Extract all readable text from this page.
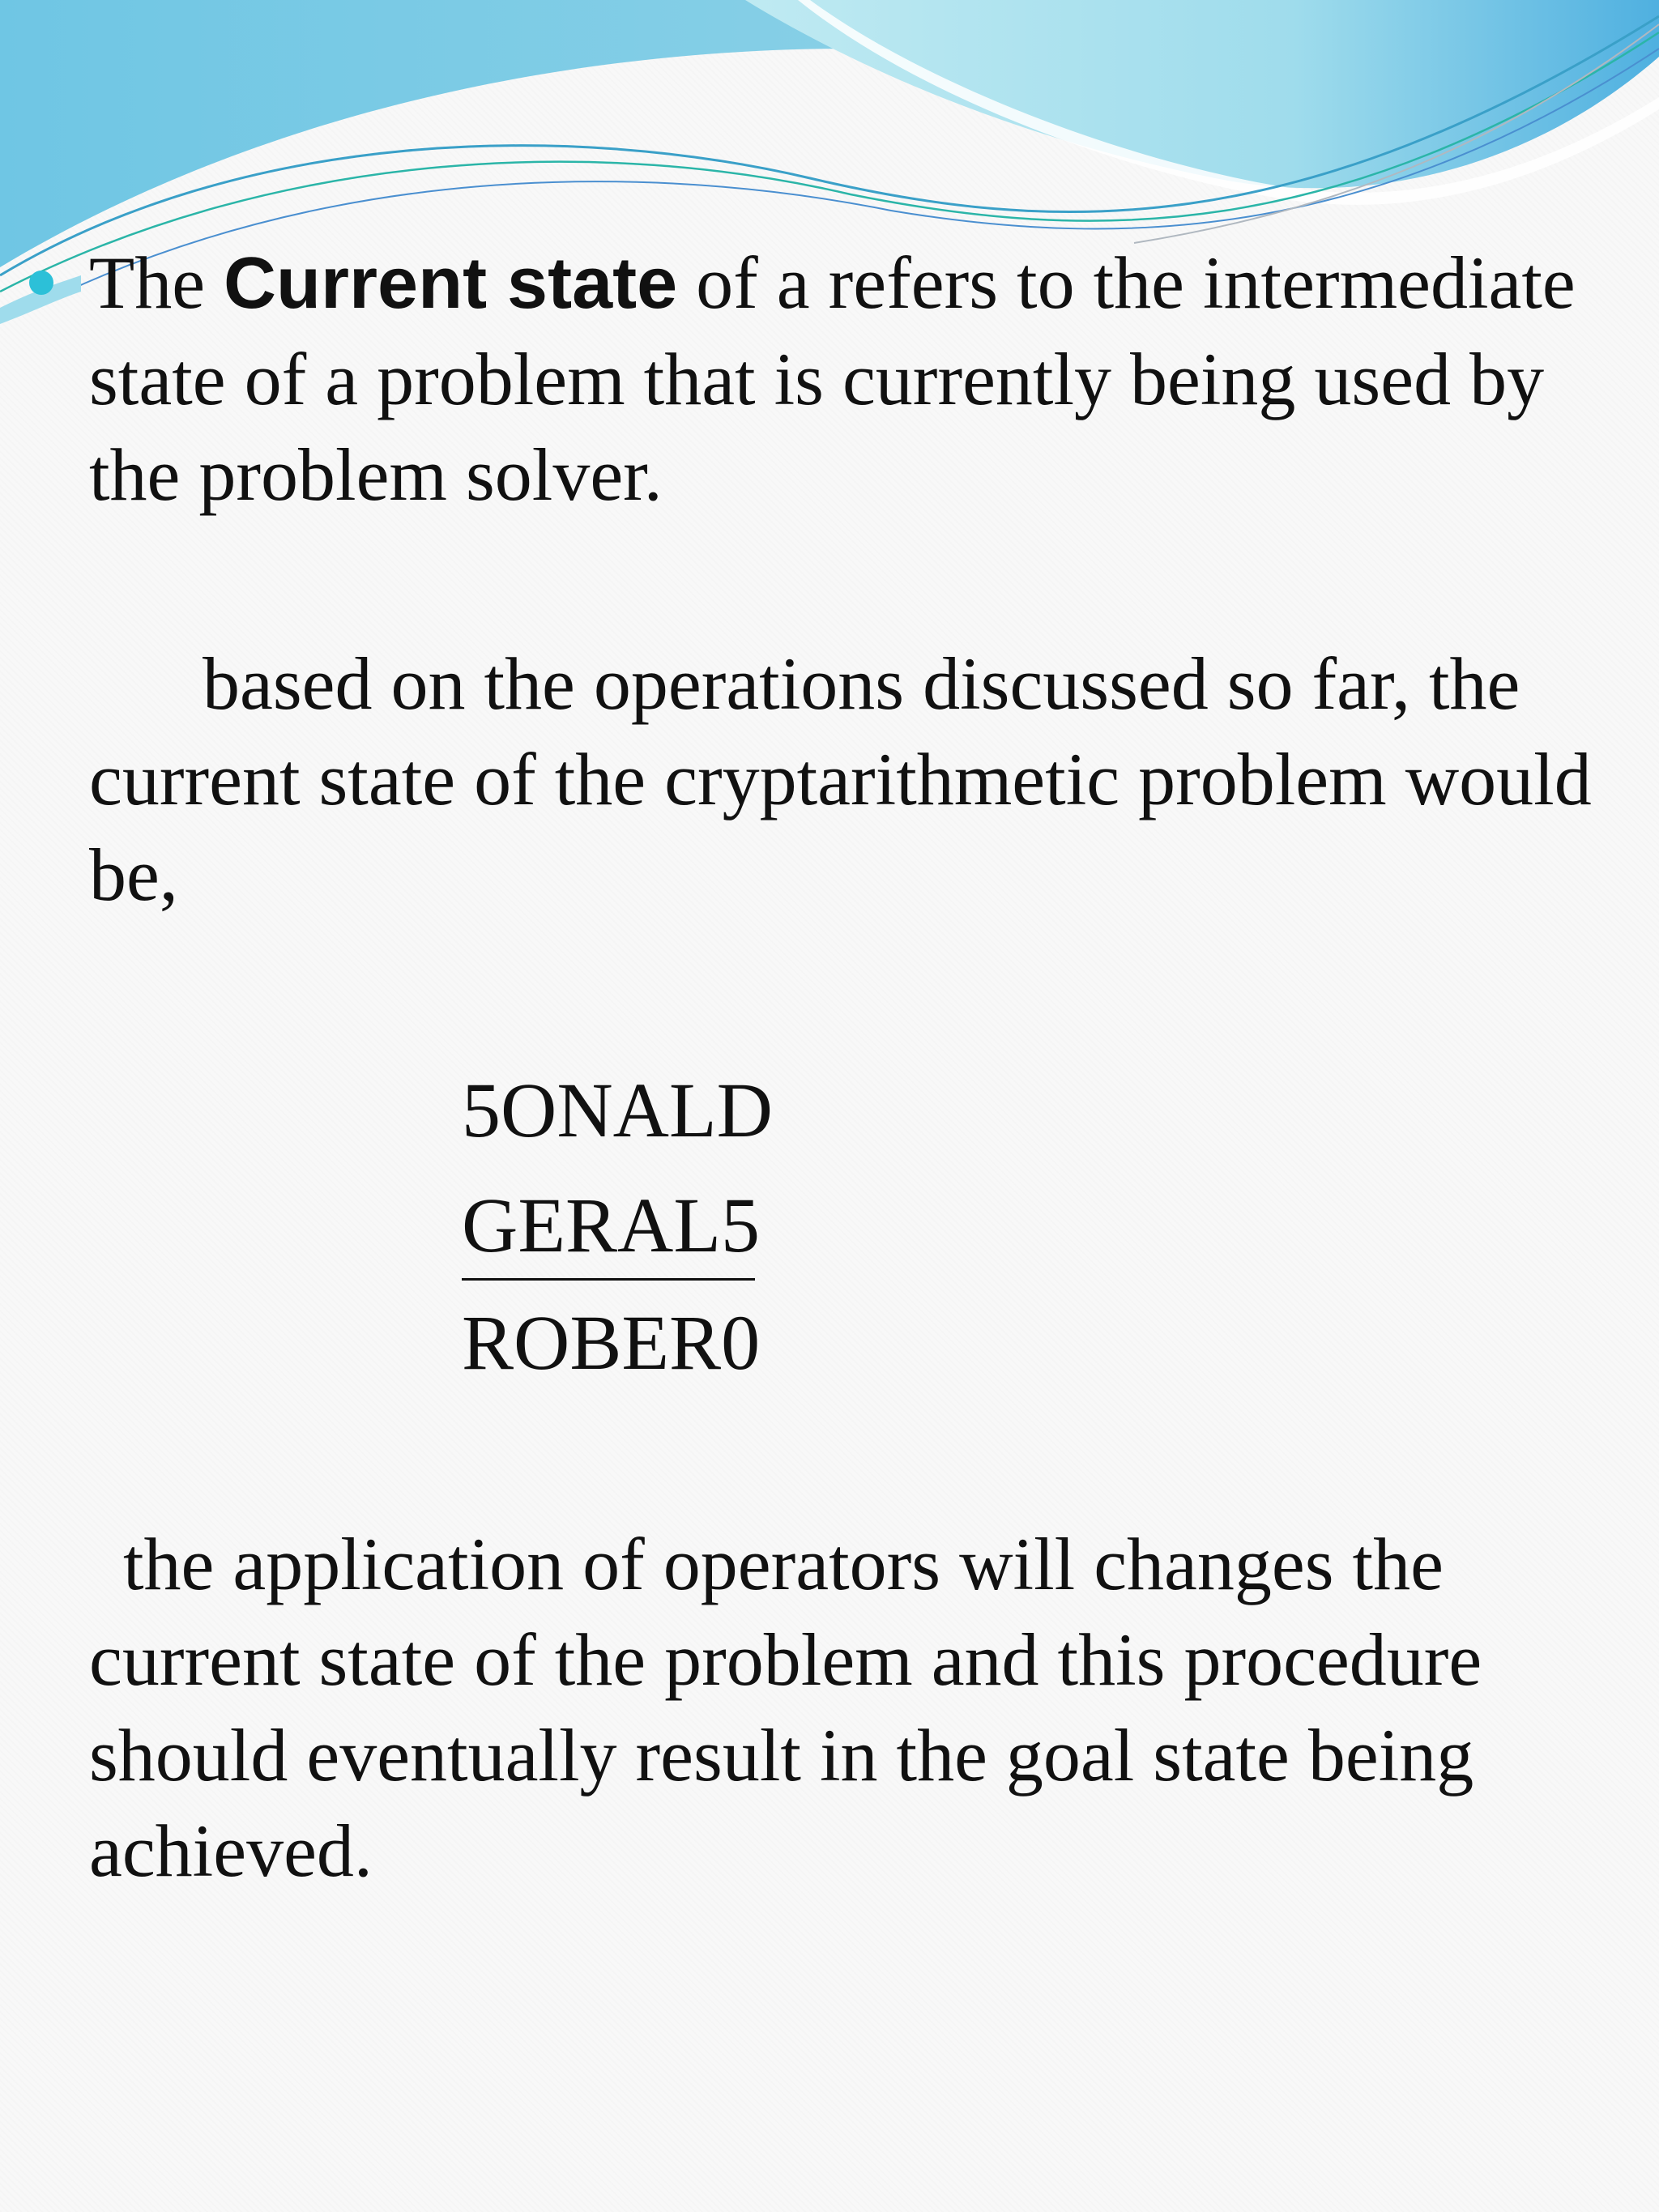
The Current state of a refers to the intermediate state of a problem that is currently being used by the problem solver.
based on the operations discussed so far, the current state of the cryptarithmetic problem would be,
5ONALD
GERAL5
ROBER0
the application of operators will changes the current state of the problem and this procedure should eventually result in the goal state being achieved.
